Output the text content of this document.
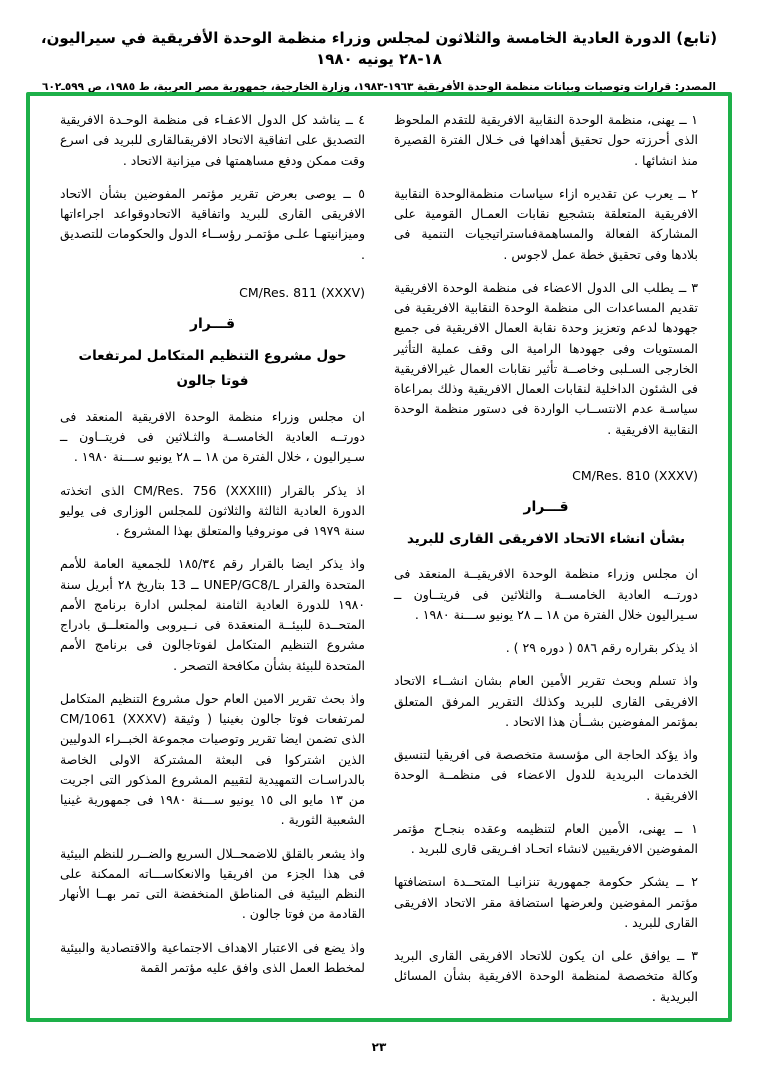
(تابع) الدورة العادية الخامسة والثلاثون لمجلس وزراء منظمة الوحدة الأفريقية في سيراليون، ١٨-٢٨ يونيه ١٩٨٠
المصدر: قرارات وتوصيات وبيانات منظمة الوحدة الأفريقية ١٩٦٣-١٩٨٣، وزارة الخارجية، جمهورية مصر العربية، ط ١٩٨٥، ص ٥٩٩ـ٦٠٢

٤ ــ يناشد كل الدول الاعفـاء فى منظمة الوحـدة الافريقية التصديق على اتفاقية الاتحاد الافريقىالقارى للبريد فى اسرع وقت ممكن ودفع مساهمتها فى ميزانية الاتحاد .

٥ ــ يوصى بعرض تقرير مؤتمر المفوضين بشأن الاتحاد الافريقى القارى للبريد واتفاقية الاتحادوقواعد اجراءاتها وميزانيتهـا علـى مؤتمـر رؤســاء الدول والحكومات للتصديق .

CM/Res. 811 (XXXV)
قـــرار
حول مشروع التنظيم المتكامل لمرتفعات
فوتا جالون

ان مجلس وزراء منظمة الوحدة الافريقية المنعقد فى دورتــه العادية الخامســة والثـلاثين فى فريتــاون ــ سـيراليون ، خلال الفترة من ١٨ ــ ٢٨ يونيو ســـنة ١٩٨٠ .

اذ يذكر بالقرار CM/Res. 756 (XXXIII) الذى اتخذته الدورة العادية الثالثة والثلاثون للمجلس الوزارى فى يوليو سنة ١٩٧٩ فى مونروفيا والمتعلق بهذا المشروع .

واذ يذكر ايضا بالقرار رقم ١٨٥/٣٤ للجمعية العامة للأمم المتحدة والقرار UNEP/GC8/L ــ 13 بتاريخ ٢٨ أبريل سنة ١٩٨٠ للدورة العادية الثامنة لمجلس ادارة برنامج الأمم المتحــدة للبيئــة المنعقدة فى نــيروبى والمتعلــق بادراج مشروع التنظيم المتكامل لفوتاجالون فى برنامج الأمم المتحدة للبيئة بشأن مكافحة التصحر .

واذ بحث تقرير الامين العام حول مشروع التنظيم المتكامل لمرتفعات فوتا جالون بغينيا ( وثيقة CM/1061 (XXXV) الذى تضمن ايضا تقرير وتوصيات مجموعة الخبــراء الدوليين الذين اشتركوا فى البعثة المشتركة الاولى الخاصة بالدراسـات التمهيدية لتقييم المشروع المذكور التى اجريت من ١٣ مايو الى ١٥ يونيو ســـنة ١٩٨٠ فى جمهورية غينيا الشعبية الثورية .

واذ يشعر بالقلق للاضمحــلال السريع والضــرر للنظم البيئية فى هذا الجزء من افريقيا والانعكاســـاته الممكنة على النظم البيئية فى المناطق المنخفضة التى تمر بهــا الأنهار القادمة من فوتا جالون .

واذ يضع فى الاعتبار الاهداف الاجتماعية والاقتصادية والبيئية لمخطط العمل الذى وافق عليه مؤتمر القمة

١ ــ يهنى، منظمة الوحدة النقابية الافريقية للتقدم الملحوظ الذى أحرزته حول تحقيق أهدافها فى خـلال الفترة القصيرة منذ انشائها .

٢ ــ يعرب عن تقديره ازاء سياسات منظمةالوحدة النقابية الافريقية المتعلقة بتشجيع نقابات العمـال القومية على المشاركة الفعالة والمساهمةفىاستراتيجيات التنمية فى بلادها وفى تحقيق خطة عمل لاجوس .

٣ ــ يطلب الى الدول الاعضاء فى منظمة الوحدة الافريقية تقديم المساعدات الى منظمة الوحدة النقابية الافريقية فى جهودها لدعم وتعزيز وحدة نقابة العمال الافريقية فى جميع المستويات وفى جهودها الرامية الى وقف عملية التأثير الخارجى السـلبى وخاصــة تأثير نقابات العمال غيرالافريقية فى الشئون الداخلية لنقابات العمال الافريقية وذلك بمراعاة سياسـة عدم الانتســاب الواردة فى دستور منظمة الوحدة النقابية الافريقية .

CM/Res. 810 (XXXV)
قـــرار
بشأن انشاء الاتحاد الافريقى القارى للبريد

ان مجلس وزراء منظمة الوحدة الافريقيــة المنعقد فى دورتــه العادية الخامســة والثلاثين فى فريتــاون ــ سـيراليون خلال الفترة من ١٨ ــ ٢٨ يونيو ســـنة ١٩٨٠ .

اذ يذكر بقراره رقم ٥٨٦ ( دوره ٢٩ ) .

واذ تسلم وبحث تقرير الأمين العام بشان انشــاء الاتحاد الافريقى القارى للبريد وكذلك التقرير المرفق المتعلق بمؤتمر المفوضين بشــأن هذا الاتحاد .

واذ يؤكد الحاجة الى مؤسسة متخصصة فى افريقيا لتنسيق الخدمات البريدية للدول الاعضاء فى منظمــة الوحدة الافريقية .

١ ــ يهنى، الأمين العام لتنظيمه وعقده بنجـاح مؤتمر المفوضين الافريقيين لانشاء اتحـاد افـريقى قارى للبريد .

٢ ــ يشكر حكومة جمهورية تنزانيـا المتحــدة استضافتها مؤتمر المفوضين ولعرضها استضافة مقر الاتحاد الافريقى القارى للبريد .

٣ ــ يوافق على ان يكون للاتحاد الافريقى القارى البريد وكالة متخصصة لمنظمة الوحدة الافريقية بشأن المسائل البريدية .

٢٣
